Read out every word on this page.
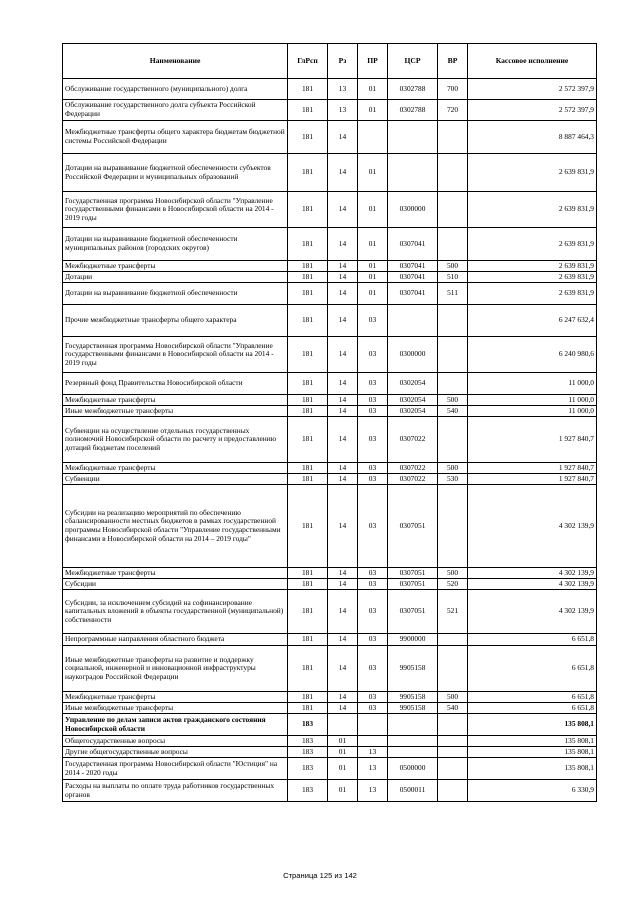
Наименование	ГлРсп	Рз	ПР	ЦСР	ВР	Кассовое исполнение
Обслуживание государственного (муниципального) долга	181	13	01	0302788	700	2 572 397,9
Обслуживание государственного долга субъекта Российской Федерации	181	13	01	0302788	720	2 572 397,9
Межбюджетные трансферты общего характера бюджетам бюджетной системы Российской Федерации	181	14				8 887 464,3
Дотации на выравнивание бюджетной обеспеченности субъектов Российской Федерации и муниципальных образований	181	14	01			2 639 831,9
Государственная программа Новосибирской области "Управление государственными финансами в Новосибирской области на 2014 - 2019 годы	181	14	01	0300000		2 639 831,9
Дотации на выравнивание бюджетной обеспеченности муниципальных районов (городских округов)	181	14	01	0307041		2 639 831,9
Межбюджетные трансферты	181	14	01	0307041	500	2 639 831,9
Дотации	181	14	01	0307041	510	2 639 831,9
Дотации на выравнивание бюджетной обеспеченности	181	14	01	0307041	511	2 639 831,9
Прочие межбюджетные трансферты общего характера	181	14	03			6 247 632,4
Государственная программа Новосибирской области "Управление государственными финансами в Новосибирской области на 2014 - 2019 годы	181	14	03	0300000		6 240 980,6
Резервный фонд Правительства Новосибирской области	181	14	03	0302054		11 000,0
Межбюджетные трансферты	181	14	03	0302054	500	11 000,0
Иные межбюджетные трансферты	181	14	03	0302054	540	11 000,0
Субвенции на осуществление отдельных государственных полномочий Новосибирской области по расчету и предоставлению дотаций бюджетам поселений	181	14	03	0307022		1 927 840,7
Межбюджетные трансферты	181	14	03	0307022	500	1 927 840,7
Субвенции	181	14	03	0307022	530	1 927 840,7
Субсидии на реализацию мероприятий по обеспечению сбалансированности местных бюджетов в рамках государственной программы Новосибирской области "Управление государственными финансами в Новосибирской области на 2014 – 2019 годы"	181	14	03	0307051		4 302 139,9
Межбюджетные трансферты	181	14	03	0307051	500	4 302 139,9
Субсидии	181	14	03	0307051	520	4 302 139,9
Субсидии, за исключением субсидий на софинансирование капитальных вложений в объекты государственной (муниципальной) собственности	181	14	03	0307051	521	4 302 139,9
Непрограммные направления областного бюджета	181	14	03	9900000		6 651,8
Иные межбюджетные трансферты на развитие и поддержку социальной, инженерной и инновационной инфраструктуры наукоградов Российской Федерации	181	14	03	9905158		6 651,8
Межбюджетные трансферты	181	14	03	9905158	500	6 651,8
Иные межбюджетные трансферты	181	14	03	9905158	540	6 651,8
Управление по делам записи актов гражданского состояния Новосибирской области	183					135 808,1
Общегосударственные вопросы	183	01				135 808,1
Другие общегосударственные вопросы	183	01	13			135 808,1
Государственная программа Новосибирской области "Юстиция" на 2014 - 2020 годы	183	01	13	0500000		135 808,1
Расходы на выплаты по оплате труда работников государственных органов	183	01	13	0500011		6 330,9
Страница 125 из 142
